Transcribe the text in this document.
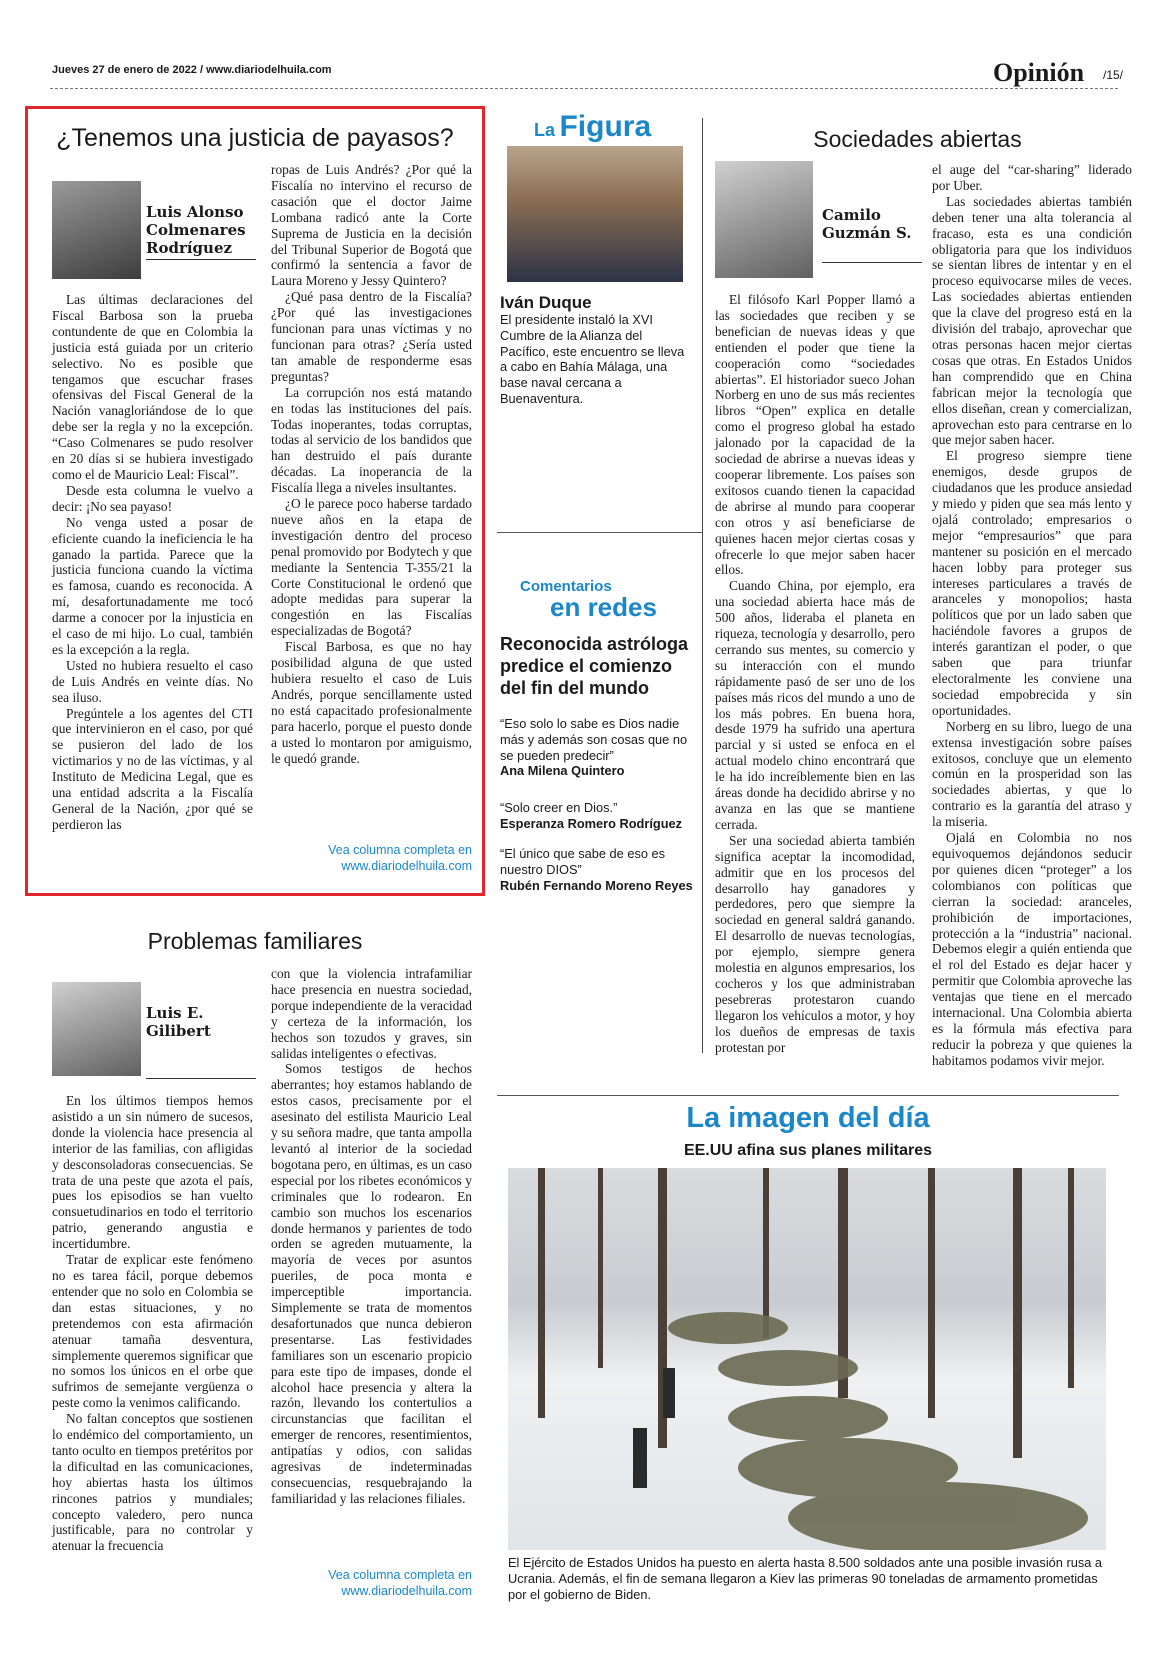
Jueves 27 de enero de 2022 / www.diariodelhuila.com	Opinión /15/
¿Tenemos una justicia de payasos?
Luis Alonso
Colmenares
Rodríguez

Las últimas declaraciones del Fiscal Barbosa son la prueba contundente de que en Colombia la justicia está guiada por un criterio selectivo. No es posible que tengamos que escuchar frases ofensivas del Fiscal General de la Nación vanagloriándose de lo que debe ser la regla y no la excepción. “Caso Colmenares se pudo resolver en 20 días si se hubiera investigado como el de Mauricio Leal: Fiscal”.

Desde esta columna le vuelvo a decir: ¡No sea payaso!

No venga usted a posar de eficiente cuando la ineficiencia le ha ganado la partida. Parece que la justicia funciona cuando la víctima es famosa, cuando es reconocida. A mí, desafortunadamente me tocó darme a conocer por la injusticia en el caso de mi hijo. Lo cual, también es la excepción a la regla.

Usted no hubiera resuelto el caso de Luis Andrés en veinte días. No sea iluso.

Pregúntele a los agentes del CTI que intervinieron en el caso, por qué se pusieron del lado de los victimarios y no de las víctimas, y al Instituto de Medicina Legal, que es una entidad adscrita a la Fiscalía General de la Nación, ¿por qué se perdieron las

ropas de Luis Andrés? ¿Por qué la Fiscalía no intervino el recurso de casación que el doctor Jaime Lombana radicó ante la Corte Suprema de Justicia en la decisión del Tribunal Superior de Bogotá que confirmó la sentencia a favor de Laura Moreno y Jessy Quintero?

¿Qué pasa dentro de la Fiscalía? ¿Por qué las investigaciones funcionan para unas víctimas y no funcionan para otras? ¿Sería usted tan amable de responderme esas preguntas?

La corrupción nos está matando en todas las instituciones del país. Todas inoperantes, todas corruptas, todas al servicio de los bandidos que han destruido el país durante décadas. La inoperancia de la Fiscalía llega a niveles insultantes.

¿O le parece poco haberse tardado nueve años en la etapa de investigación dentro del proceso penal promovido por Bodytech y que mediante la Sentencia T-355/21 la Corte Constitucional le ordenó que adopte medidas para superar la congestión en las Fiscalías especializadas de Bogotá?

Fiscal Barbosa, es que no hay posibilidad alguna de que usted hubiera resuelto el caso de Luis Andrés, porque sencillamente usted no está capacitado profesionalmente para hacerlo, porque el puesto donde a usted lo montaron por amiguismo, le quedó grande.

Vea columna completa en
www.diariodelhuila.com
La Figura
Iván Duque
El presidente instaló la XVI Cumbre de la Alianza del Pacífico, este encuentro se lleva a cabo en Bahía Málaga, una base naval cercana a Buenaventura.
Comentarios
en redes
Reconocida astróloga predice el comienzo del fin del mundo
“Eso solo lo sabe es Dios nadie más y además son cosas que no se pueden predecir”
Ana Milena Quintero
“Solo creer en Dios.”
Esperanza Romero Rodríguez
“El único que sabe de eso es nuestro DIOS”
Rubén Fernando Moreno Reyes
Sociedades abiertas
Camilo
Guzmán S.

El filósofo Karl Popper llamó a las sociedades que reciben y se benefician de nuevas ideas y que entienden el poder que tiene la cooperación como “sociedades abiertas”. El historiador sueco Johan Norberg en uno de sus más recientes libros “Open” explica en detalle como el progreso global ha estado jalonado por la capacidad de la sociedad de abrirse a nuevas ideas y cooperar libremente. Los países son exitosos cuando tienen la capacidad de abrirse al mundo para cooperar con otros y así beneficiarse de quienes hacen mejor ciertas cosas y ofrecerle lo que mejor saben hacer ellos.

Cuando China, por ejemplo, era una sociedad abierta hace más de 500 años, lideraba el planeta en riqueza, tecnología y desarrollo, pero cerrando sus mentes, su comercio y su interacción con el mundo rápidamente pasó de ser uno de los países más ricos del mundo a uno de los más pobres. En buena hora, desde 1979 ha sufrido una apertura parcial y si usted se enfoca en el actual modelo chino encontrará que le ha ido increíblemente bien en las áreas donde ha decidido abrirse y no avanza en las que se mantiene cerrada.

Ser una sociedad abierta también significa aceptar la incomodidad, admitir que en los procesos del desarrollo hay ganadores y perdedores, pero que siempre la sociedad en general saldrá ganando. El desarrollo de nuevas tecnologías, por ejemplo, siempre genera molestia en algunos empresarios, los cocheros y los que administraban pesebreras protestaron cuando llegaron los vehículos a motor, y hoy los dueños de empresas de taxis protestan por

el auge del “car-sharing” liderado por Uber.

Las sociedades abiertas también deben tener una alta tolerancia al fracaso, esta es una condición obligatoria para que los individuos se sientan libres de intentar y en el proceso equivocarse miles de veces. Las sociedades abiertas entienden que la clave del progreso está en la división del trabajo, aprovechar que otras personas hacen mejor ciertas cosas que otras. En Estados Unidos han comprendido que en China fabrican mejor la tecnología que ellos diseñan, crean y comercializan, aprovechan esto para centrarse en lo que mejor saben hacer.

El progreso siempre tiene enemigos, desde grupos de ciudadanos que les produce ansiedad y miedo y piden que sea más lento y ojalá controlado; empresarios o mejor “empresaurios” que para mantener su posición en el mercado hacen lobby para proteger sus intereses particulares a través de aranceles y monopolios; hasta políticos que por un lado saben que haciéndole favores a grupos de interés garantizan el poder, o que saben que para triunfar electoralmente les conviene una sociedad empobrecida y sin oportunidades.

Norberg en su libro, luego de una extensa investigación sobre países exitosos, concluye que un elemento común en la prosperidad son las sociedades abiertas, y que lo contrario es la garantía del atraso y la miseria.

Ojalá en Colombia no nos equivoquemos dejándonos seducir por quienes dicen “proteger” a los colombianos con políticas que cierran la sociedad: aranceles, prohibición de importaciones, protección a la “industria” nacional. Debemos elegir a quién entienda que el rol del Estado es dejar hacer y permitir que Colombia aproveche las ventajas que tiene en el mercado internacional. Una Colombia abierta es la fórmula más efectiva para reducir la pobreza y que quienes la habitamos podamos vivir mejor.

Problemas familiares
Luis E.
Gilibert

En los últimos tiempos hemos asistido a un sin número de sucesos, donde la violencia hace presencia al interior de las familias, con afligidas y desconsoladoras consecuencias. Se trata de una peste que azota el país, pues los episodios se han vuelto consuetudinarios en todo el territorio patrio, generando angustia e incertidumbre.

Tratar de explicar este fenómeno no es tarea fácil, porque debemos entender que no solo en Colombia se dan estas situaciones, y no pretendemos con esta afirmación atenuar tamaña desventura, simplemente queremos significar que no somos los únicos en el orbe que sufrimos de semejante vergüenza o peste como la venimos calificando.

No faltan conceptos que sostienen lo endémico del comportamiento, un tanto oculto en tiempos pretéritos por la dificultad en las comunicaciones, hoy abiertas hasta los últimos rincones patrios y mundiales; concepto valedero, pero nunca justificable, para no controlar y atenuar la frecuencia

con que la violencia intrafamiliar hace presencia en nuestra sociedad, porque independiente de la veracidad y certeza de la información, los hechos son tozudos y graves, sin salidas inteligentes o efectivas.

Somos testigos de hechos aberrantes; hoy estamos hablando de estos casos, precisamente por el asesinato del estilista Mauricio Leal y su señora madre, que tanta ampolla levantó al interior de la sociedad bogotana pero, en últimas, es un caso especial por los ribetes económicos y criminales que lo rodearon. En cambio son muchos los escenarios donde hermanos y parientes de todo orden se agreden mutuamente, la mayoría de veces por asuntos pueriles, de poca monta e imperceptible importancia. Simplemente se trata de momentos desafortunados que nunca debieron presentarse. Las festividades familiares son un escenario propicio para este tipo de impases, donde el alcohol hace presencia y altera la razón, llevando los contertulios a circunstancias que facilitan el emerger de rencores, resentimientos, antipatías y odios, con salidas agresivas de indeterminadas consecuencias, resquebrajando la familiaridad y las relaciones filiales.

Vea columna completa en
www.diariodelhuila.com
La imagen del día
EE.UU afina sus planes militares
El Ejército de Estados Unidos ha puesto en alerta hasta 8.500 soldados ante una posible invasión rusa a Ucrania. Además, el fin de semana llegaron a Kiev las primeras 90 toneladas de armamento prometidas por el gobierno de Biden.
